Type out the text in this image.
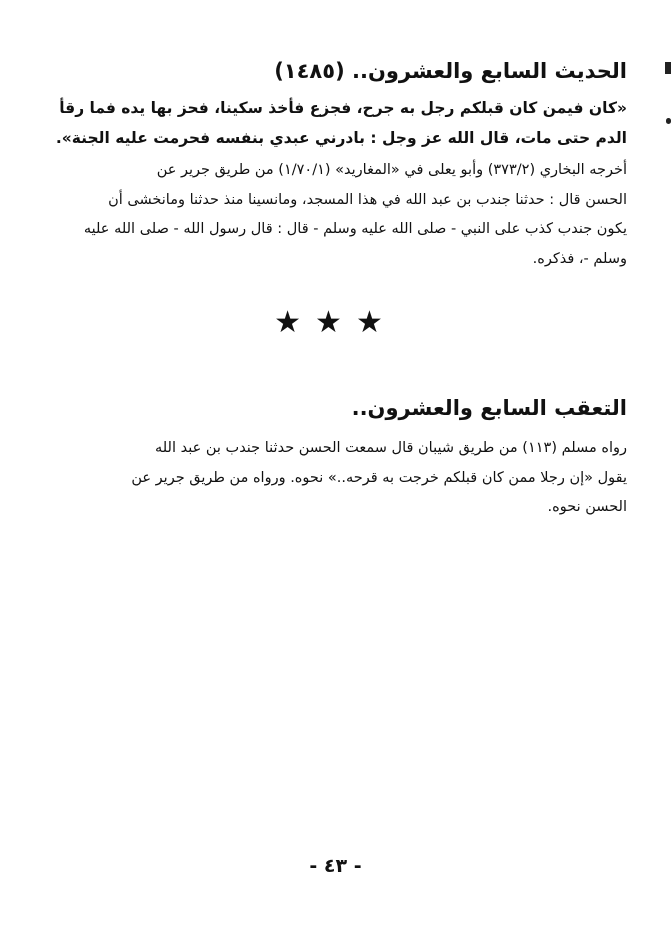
الحديث السابع والعشرون.. (١٤٨٥)
«كان فيمن كان قبلكم رجل به جرح، فجزع فأخذ سكينا، فحز بها يده فما رقأ
الدم حتى مات، قال الله عز وجل : بادرني عبدي بنفسه فحرمت عليه الجنة».
أخرجه البخاري (٣٧٣/٢) وأبو يعلى في «المغاريد» (١/٧٠/١) من طريق جرير عن
الحسن قال : حدثنا جندب بن عبد الله في هذا المسجد، ومانسينا منذ حدثنا ومانخشى أن
يكون جندب كذب على النبي - صلى الله عليه وسلم - قال : قال رسول الله - صلى الله عليه
وسلم -، فذكره.
★★★
التعقب السابع والعشرون..
رواه مسلم (١١٣) من طريق شيبان قال سمعت الحسن حدثنا جندب بن عبد الله
يقول «إن رجلا ممن كان قبلكم خرجت به قرحه..» نحوه. ورواه من طريق جرير عن
الحسن نحوه.
- ٤٣ -
